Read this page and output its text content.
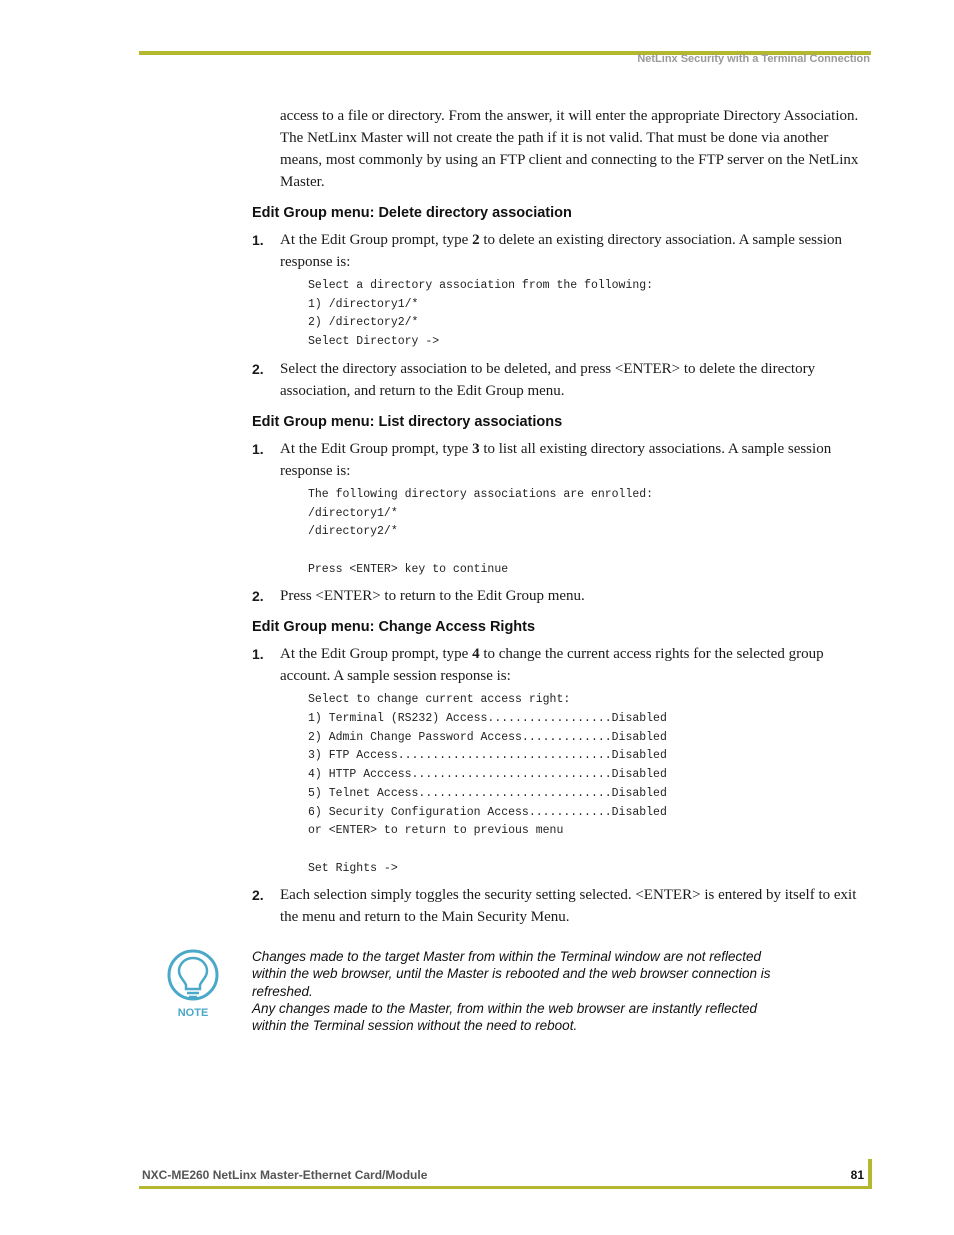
NetLinx Security with a Terminal Connection

access to a file or directory. From the answer, it will enter the appropriate Directory Association. The NetLinx Master will not create the path if it is not valid. That must be done via another means, most commonly by using an FTP client and connecting to the FTP server on the NetLinx Master.

Edit Group menu: Delete directory association

1. At the Edit Group prompt, type 2 to delete an existing directory association. A sample session response is:

Select a directory association from the following:
1) /directory1/*
2) /directory2/*
Select Directory ->

2. Select the directory association to be deleted, and press <ENTER> to delete the directory association, and return to the Edit Group menu.

Edit Group menu: List directory associations

1. At the Edit Group prompt, type 3 to list all existing directory associations. A sample session response is:

The following directory associations are enrolled:
/directory1/*
/directory2/*

Press <ENTER> key to continue

2. Press <ENTER> to return to the Edit Group menu.

Edit Group menu: Change Access Rights

1. At the Edit Group prompt, type 4 to change the current access rights for the selected group account. A sample session response is:

Select to change current access right:
1) Terminal (RS232) Access..................Disabled
2) Admin Change Password Access.............Disabled
3) FTP Access...............................Disabled
4) HTTP Acccess.............................Disabled
5) Telnet Access............................Disabled
6) Security Configuration Access............Disabled
or <ENTER> to return to previous menu

Set Rights ->

2. Each selection simply toggles the security setting selected. <ENTER> is entered by itself to exit the menu and return to the Main Security Menu.

NOTE
Changes made to the target Master from within the Terminal window are not reflected within the web browser, until the Master is rebooted and the web browser connection is refreshed.
Any changes made to the Master, from within the web browser are instantly reflected within the Terminal session without the need to reboot.
NXC-ME260 NetLinx Master-Ethernet Card/Module	81
